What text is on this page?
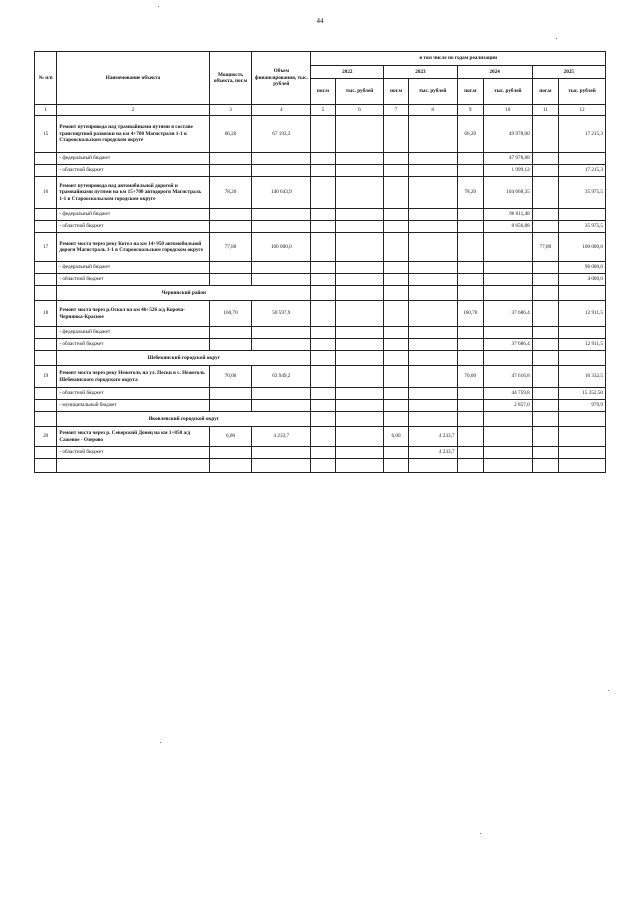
44
№ п/п	Наименование объекта	Мощность объекта, пог.м	Объем финансирования, тыс. рублей	в том числе по годам реализации							
				2022		2023		2024		2025	
				пог.м	тыс. рублей	пог.м	тыс. рублей	пог.м	тыс. рублей	пог.м	тыс. рублей
1	2	3	4	5	6	7	8	9	10	11	12
15	Ремонт путепровода над трамвайными путями в составе транспортной развязки на км 4+700 Магистрали 1-1 в Старооскольском городском округе	66,20	67 193,3					66,20	49 978,00		17 215,3
	- федеральный бюджет								47 978,88		
	- областной бюджет								1 999,12		17 215,3
16	Ремонт путепровода над автомобильной дорогой и трамвайными путями на км 15+700 автодороги Магистраль 1-1 в Старооскольском городском округе	78,20	140 643,9					78,20	104 668,35		35 975,5
	- федеральный бюджет								96 011,48		
	- областной бюджет								8 656,88		35 975,5
17	Ремонт моста через реку Котел на км 14+950 автомобильной дороги Магистраль 1-1 в Старооскольском городском округе	77,80	100 000,0							77,80	100 000,0
	- федеральный бюджет										96 000,0
	- областной бюджет										4 000,0
	Чернянский район										
18	Ремонт моста через р.Оскол на км 46+526 а/д Короча-Чернянка-Красное	160,70	50 597,9					160,70	37 686,4		12 911,5
	- федеральный бюджет										
	- областной бюджет								37 686,4		12 911,5
	Шебекинский городской округ										
19	Ремонт моста через реку Нежеголь на ул. Пески в с. Нежеголь Шебекинского городского округа	70,00	63 949,2					70,00	47 616,8		16 332,5
	- областной бюджет								44 759,8		15 352,50
	- муниципальный бюджет								2 857,0		979,9
	Яковлевский городской округ										
20	Ремонт моста через р. Северский Донец на км 1+850 а/д Саженое - Озерово	6,00	4 233,7			6,00	4 233,7				
	- областной бюджет						4 233,7				
